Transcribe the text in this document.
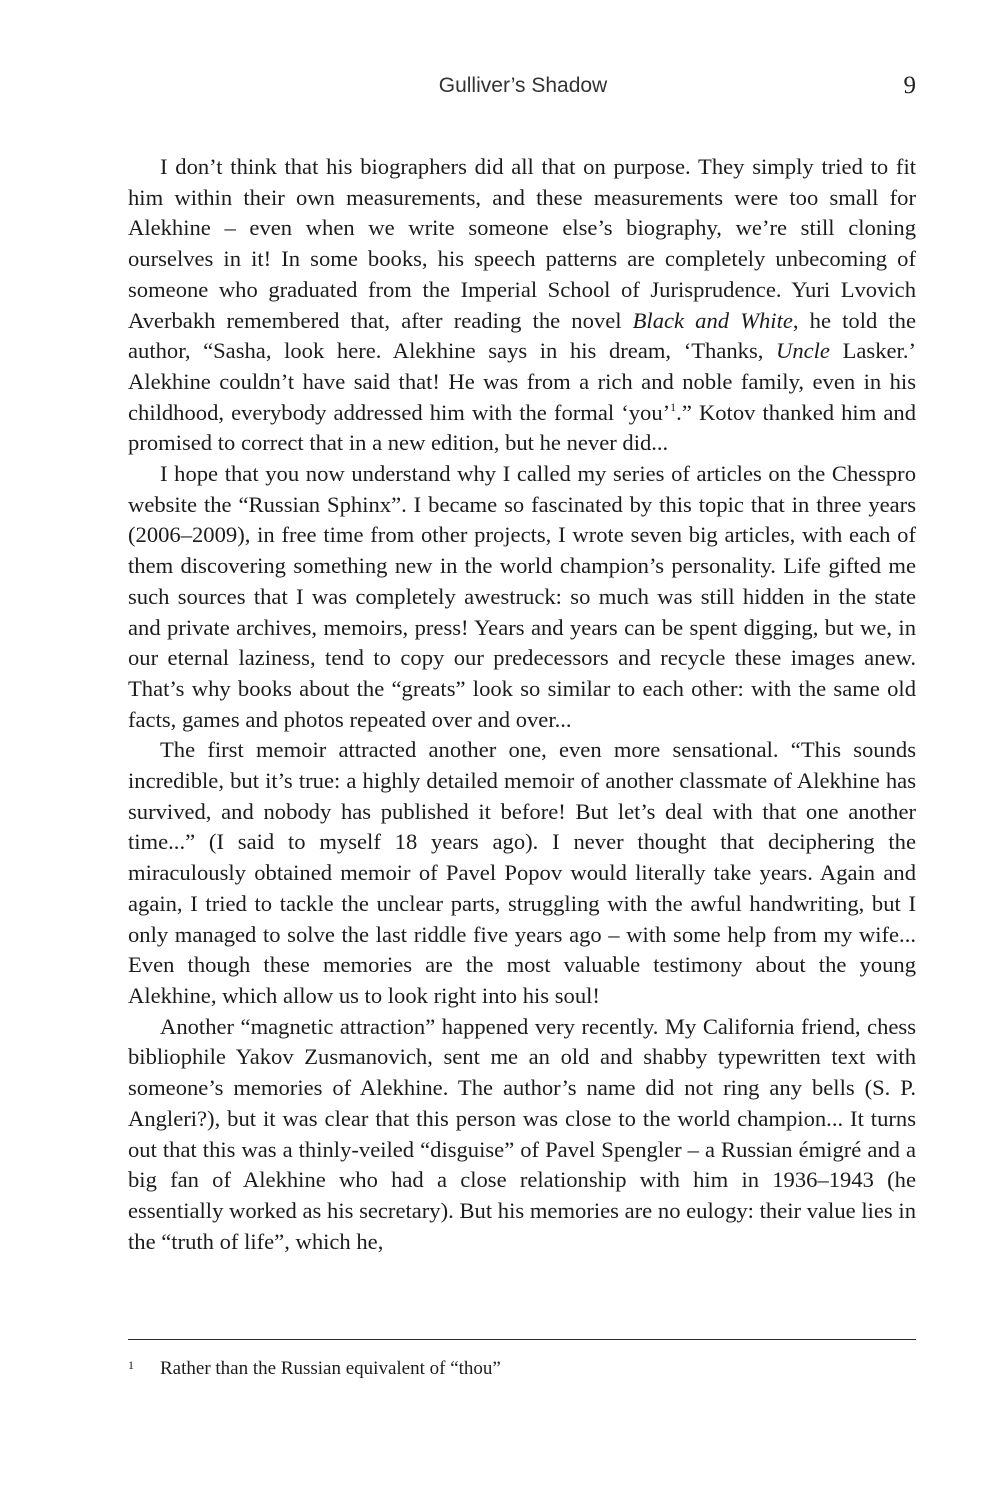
Gulliver’s Shadow	9

I don’t think that his biographers did all that on purpose. They simply tried to fit him within their own measurements, and these measurements were too small for Alekhine – even when we write someone else’s biography, we’re still cloning ourselves in it! In some books, his speech patterns are completely unbecoming of someone who graduated from the Imperial School of Jurisprudence. Yuri Lvovich Averbakh remembered that, after reading the novel Black and White, he told the author, “Sasha, look here. Alekhine says in his dream, ‘Thanks, Uncle Lasker.’ Alekhine couldn’t have said that! He was from a rich and noble family, even in his childhood, everybody addressed him with the formal ‘you’$^1$.” Kotov thanked him and promised to correct that in a new edition, but he never did...

I hope that you now understand why I called my series of articles on the Chesspro website the “Russian Sphinx”. I became so fascinated by this topic that in three years (2006–2009), in free time from other projects, I wrote seven big articles, with each of them discovering something new in the world champion’s personality. Life gifted me such sources that I was completely awestruck: so much was still hidden in the state and private archives, memoirs, press! Years and years can be spent digging, but we, in our eternal laziness, tend to copy our predecessors and recycle these images anew. That’s why books about the “greats” look so similar to each other: with the same old facts, games and photos repeated over and over...

The first memoir attracted another one, even more sensational. “This sounds incredible, but it’s true: a highly detailed memoir of another classmate of Alekhine has survived, and nobody has published it before! But let’s deal with that one another time...” (I said to myself 18 years ago). I never thought that deciphering the miraculously obtained memoir of Pavel Popov would literally take years. Again and again, I tried to tackle the unclear parts, struggling with the awful handwriting, but I only managed to solve the last riddle five years ago – with some help from my wife... Even though these memories are the most valuable testimony about the young Alekhine, which allow us to look right into his soul!

Another “magnetic attraction” happened very recently. My California friend, chess bibliophile Yakov Zusmanovich, sent me an old and shabby typewritten text with someone’s memories of Alekhine. The author’s name did not ring any bells (S. P. Angleri?), but it was clear that this person was close to the world champion... It turns out that this was a thinly-veiled “disguise” of Pavel Spengler – a Russian émigré and a big fan of Alekhine who had a close relationship with him in 1936–1943 (he essentially worked as his secretary). But his memories are no eulogy: their value lies in the “truth of life”, which he,

1 Rather than the Russian equivalent of “thou”
